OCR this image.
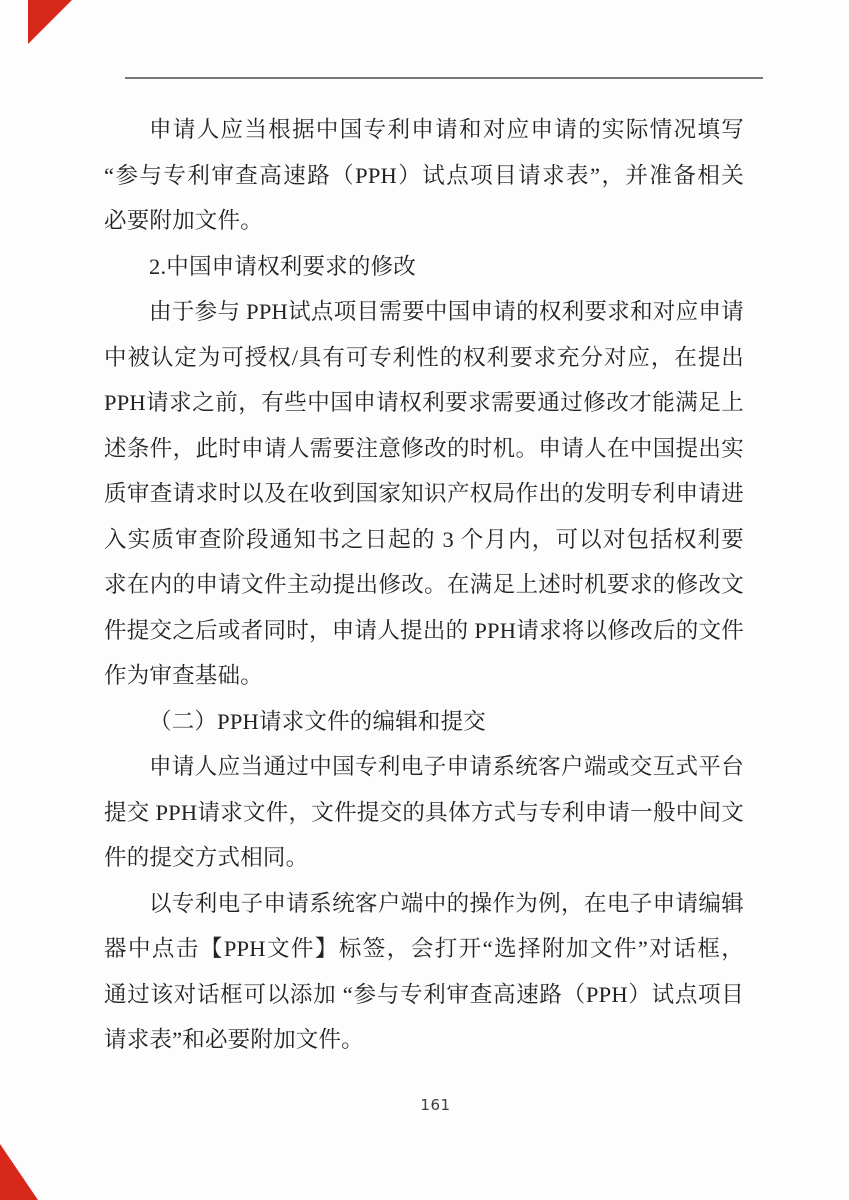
申请人应当根据中国专利申请和对应申请的实际情况填写
“参与专利审查高速路（PPH）试点项目请求表”，并准备相关
必要附加文件。
2.中国申请权利要求的修改
由于参与 PPH试点项目需要中国申请的权利要求和对应申请
中被认定为可授权/具有可专利性的权利要求充分对应，在提出
PPH请求之前，有些中国申请权利要求需要通过修改才能满足上
述条件，此时申请人需要注意修改的时机。申请人在中国提出实
质审查请求时以及在收到国家知识产权局作出的发明专利申请进
入实质审查阶段通知书之日起的 3 个月内，可以对包括权利要
求在内的申请文件主动提出修改。在满足上述时机要求的修改文
件提交之后或者同时，申请人提出的 PPH请求将以修改后的文件
作为审查基础。
（二）PPH请求文件的编辑和提交
申请人应当通过中国专利电子申请系统客户端或交互式平台
提交 PPH请求文件，文件提交的具体方式与专利申请一般中间文
件的提交方式相同。
以专利电子申请系统客户端中的操作为例，在电子申请编辑
器中点击【PPH文件】标签，会打开“选择附加文件”对话框，
通过该对话框可以添加 “参与专利审查高速路（PPH）试点项目
请求表”和必要附加文件。
161
